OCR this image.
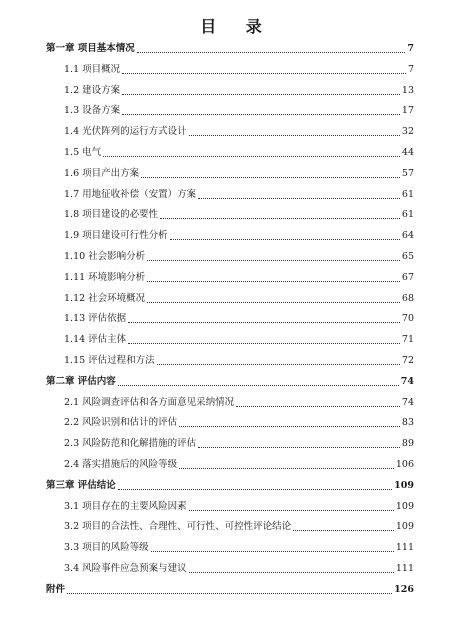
目 录
第一章 项目基本情况	7
1.1 项目概况	7
1.2 建设方案	13
1.3 设备方案	17
1.4 光伏阵列的运行方式设计	32
1.5 电气	44
1.6 项目产出方案	57
1.7 用地征收补偿（安置）方案	61
1.8 项目建设的必要性	61
1.9 项目建设可行性分析	64
1.10 社会影响分析	65
1.11 环境影响分析	67
1.12 社会环境概况	68
1.13 评估依据	70
1.14 评估主体	71
1.15 评估过程和方法	72
第二章 评估内容	74
2.1 风险调查评估和各方面意见采纳情况	74
2.2 风险识别和估计的评估	83
2.3 风险防范和化解措施的评估	89
2.4 落实措施后的风险等级	106
第三章 评估结论	109
3.1 项目存在的主要风险因素	109
3.2 项目的合法性、合理性、可行性、可控性评论结论	109
3.3 项目的风险等级	111
3.4 风险事件应急预案与建议	111
附件	126
